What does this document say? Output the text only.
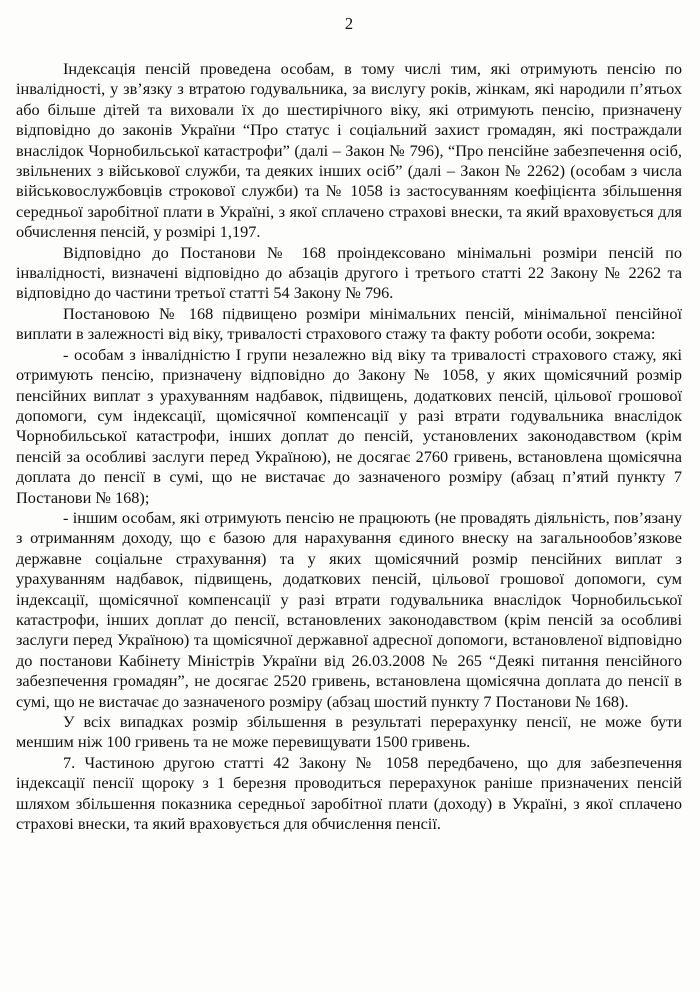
2

Індексація пенсій проведена особам, в тому числі тим, які отримують пенсію по інвалідності, у зв’язку з втратою годувальника, за вислугу років, жінкам, які народили п’ятьох або більше дітей та виховали їх до шестирічного віку, які отримують пенсію, призначену відповідно до законів України “Про статус і соціальний захист громадян, які постраждали внаслідок Чорнобильської катастрофи” (далі – Закон № 796), “Про пенсійне забезпечення осіб, звільнених з військової служби, та деяких інших осіб” (далі – Закон № 2262) (особам з числа військовослужбовців строкової служби) та № 1058 із застосуванням коефіцієнта збільшення середньої заробітної плати в Україні, з якої сплачено страхові внески, та який враховується для обчислення пенсій, у розмірі 1,197.

Відповідно до Постанови № 168 проіндексовано мінімальні розміри пенсій по інвалідності, визначені відповідно до абзаців другого і третього статті 22 Закону № 2262 та відповідно до частини третьої статті 54 Закону № 796.

Постановою № 168 підвищено розміри мінімальних пенсій, мінімальної пенсійної виплати в залежності від віку, тривалості страхового стажу та факту роботи особи, зокрема:

- особам з інвалідністю І групи незалежно від віку та тривалості страхового стажу, які отримують пенсію, призначену відповідно до Закону № 1058, у яких щомісячний розмір пенсійних виплат з урахуванням надбавок, підвищень, додаткових пенсій, цільової грошової допомоги, сум індексації, щомісячної компенсації у разі втрати годувальника внаслідок Чорнобильської катастрофи, інших доплат до пенсій, установлених законодавством (крім пенсій за особливі заслуги перед Україною), не досягає 2760 гривень, встановлена щомісячна доплата до пенсії в сумі, що не вистачає до зазначеного розміру (абзац п’ятий пункту 7 Постанови № 168);

- іншим особам, які отримують пенсію не працюють (не провадять діяльність, пов’язану з отриманням доходу, що є базою для нарахування єдиного внеску на загальнообов’язкове державне соціальне страхування) та у яких щомісячний розмір пенсійних виплат з урахуванням надбавок, підвищень, додаткових пенсій, цільової грошової допомоги, сум індексації, щомісячної компенсації у разі втрати годувальника внаслідок Чорнобильської катастрофи, інших доплат до пенсії, встановлених законодавством (крім пенсій за особливі заслуги перед Україною) та щомісячної державної адресної допомоги, встановленої відповідно до постанови Кабінету Міністрів України від 26.03.2008 № 265 “Деякі питання пенсійного забезпечення громадян”, не досягає 2520 гривень, встановлена щомісячна доплата до пенсії в сумі, що не вистачає до зазначеного розміру (абзац шостий пункту 7 Постанови № 168).

У всіх випадках розмір збільшення в результаті перерахунку пенсії, не може бути меншим ніж 100 гривень та не може перевищувати 1500 гривень.

7. Частиною другою статті 42 Закону № 1058 передбачено, що для забезпечення індексації пенсії щороку з 1 березня проводиться перерахунок раніше призначених пенсій шляхом збільшення показника середньої заробітної плати (доходу) в Україні, з якої сплачено страхові внески, та який враховується для обчислення пенсії.
